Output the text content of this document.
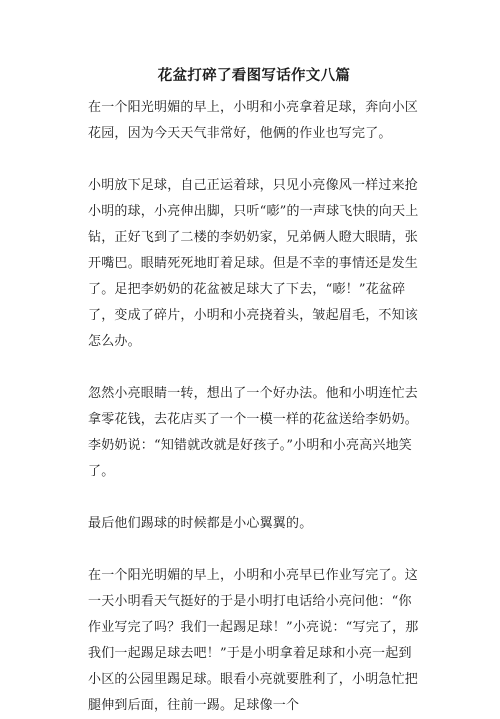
花盆打碎了看图写话作文八篇
在一个阳光明媚的早上，小明和小亮拿着足球，奔向小区花园，因为今天天气非常好，他俩的作业也写完了。
小明放下足球，自己正运着球，只见小亮像风一样过来抢小明的球，小亮伸出脚，只听“嘭”的一声球飞快的向天上钻，正好飞到了二楼的李奶奶家，兄弟俩人瞪大眼睛，张开嘴巴。眼睛死死地盯着足球。但是不幸的事情还是发生了。足把李奶奶的花盆被足球大了下去，“嘭！”花盆碎了，变成了碎片，小明和小亮挠着头，皱起眉毛，不知该怎么办。
忽然小亮眼睛一转，想出了一个好办法。他和小明连忙去拿零花钱，去花店买了一个一模一样的花盆送给李奶奶。李奶奶说：“知错就改就是好孩子。”小明和小亮高兴地笑了。
最后他们踢球的时候都是小心翼翼的。
在一个阳光明媚的早上，小明和小亮早已作业写完了。这一天小明看天气挺好的于是小明打电话给小亮问他：“你作业写完了吗？我们一起踢足球！”小亮说：“写完了，那我们一起踢足球去吧！”于是小明拿着足球和小亮一起到小区的公园里踢足球。眼看小亮就要胜利了，小明急忙把腿伸到后面，往前一踢。足球像一个
